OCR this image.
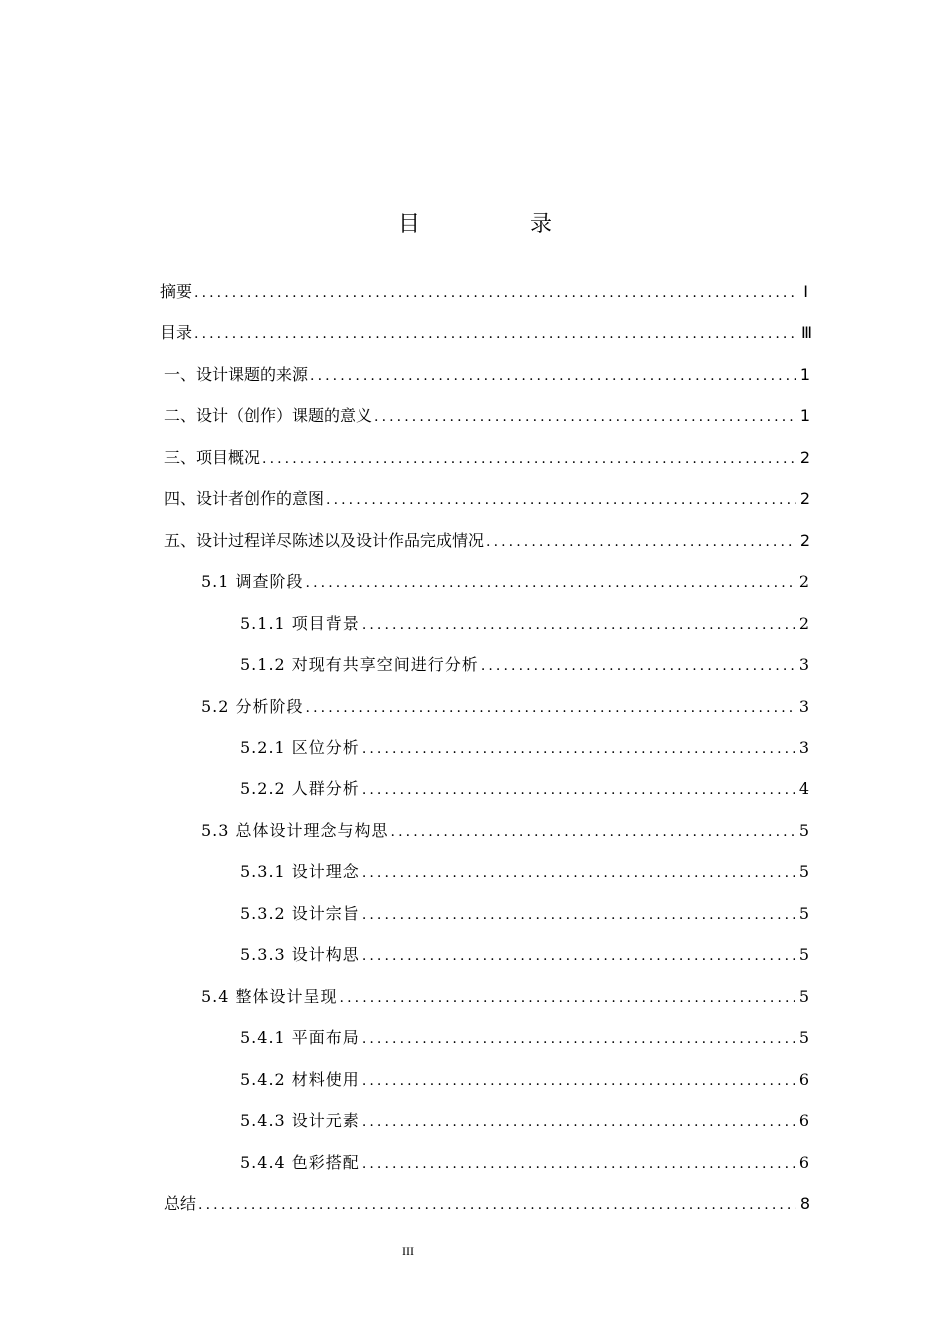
目　录
摘要 .....	Ⅰ
目录 .....	Ⅲ
一、设计课题的来源 .....	1
二、设计（创作）课题的意义 .....	1
三、项目概况 .....	2
四、设计者创作的意图 .....	2
五、设计过程详尽陈述以及设计作品完成情况 .....	2
5.1 调查阶段 .....	2
5.1.1 项目背景 .....	2
5.1.2 对现有共享空间进行分析 .....	3
5.2 分析阶段 .....	3
5.2.1 区位分析 .....	3
5.2.2 人群分析 .....	4
5.3 总体设计理念与构思 .....	5
5.3.1 设计理念 .....	5
5.3.2 设计宗旨 .....	5
5.3.3 设计构思 .....	5
5.4 整体设计呈现 .....	5
5.4.1 平面布局 .....	5
5.4.2 材料使用 .....	6
5.4.3 设计元素 .....	6
5.4.4 色彩搭配 .....	6
总结 .....	8
III
